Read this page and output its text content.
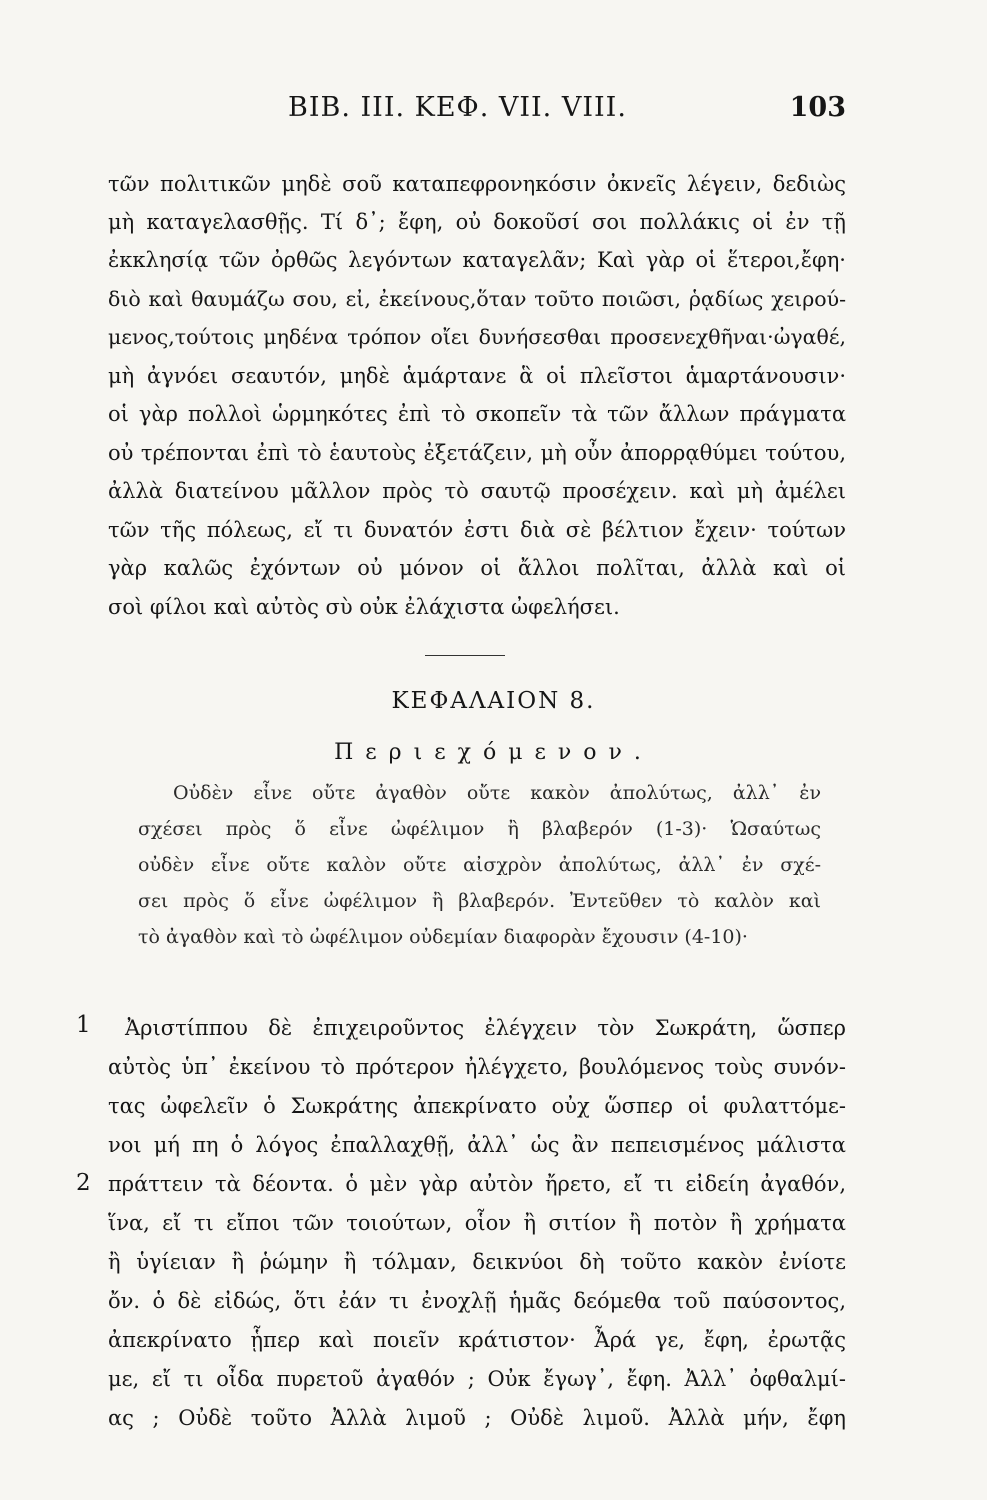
ΒΙΒ. ΙΙΙ. ΚΕΦ. VII. VIII.	103
τῶν πολιτικῶν μηδὲ σοῦ καταπεφρονηκόσιν ὀκνεῖς λέγειν, δεδιὼς
μὴ καταγελασθῇς. Τί δ᾽; ἔφη, οὐ δοκοῦσί σοι πολλάκις οἱ ἐν τῇ
ἐκκλησίᾳ τῶν ὀρθῶς λεγόντων καταγελᾶν; Καὶ γὰρ οἱ ἕτεροι,ἔφη·
διὸ καὶ θαυμάζω σου, εἰ, ἐκείνους,ὅταν τοῦτο ποιῶσι, ῥᾳδίως χειρού-
μενος,τούτοις μηδένα τρόπον οἴει δυνήσεσθαι προσενεχθῆναι·ὠγαθέ,
μὴ ἀγνόει σεαυτόν, μηδὲ ἁμάρτανε ἃ οἱ πλεῖστοι ἁμαρτάνουσιν·
οἱ γὰρ πολλοὶ ὡρμηκότες ἐπὶ τὸ σκοπεῖν τὰ τῶν ἄλλων πράγματα
οὐ τρέπονται ἐπὶ τὸ ἑαυτοὺς ἐξετάζειν, μὴ οὖν ἀπορρᾳθύμει τούτου,
ἀλλὰ διατείνου μᾶλλον πρὸς τὸ σαυτῷ προσέχειν. καὶ μὴ ἀμέλει
τῶν τῆς πόλεως, εἴ τι δυνατόν ἐστι διὰ σὲ βέλτιον ἔχειν· τούτων
γὰρ καλῶς ἐχόντων οὐ μόνον οἱ ἄλλοι πολῖται, ἀλλὰ καὶ οἱ
σοὶ φίλοι καὶ αὐτὸς σὺ οὐκ ἐλάχιστα ὠφελήσει.
ΚΕΦΑΛΑΙΟΝ 8.
Περιεχόμενον.
Οὐδὲν εἶνε οὔτε ἀγαθὸν οὔτε κακὸν ἀπολύτως, ἀλλ᾽ ἐν
σχέσει πρὸς ὅ εἶνε ὠφέλιμον ἢ βλαβερόν (1-3)· Ὡσαύτως
οὐδὲν εἶνε οὔτε καλὸν οὔτε αἰσχρὸν ἀπολύτως, ἀλλ᾽ ἐν σχέ-
σει πρὸς ὅ εἶνε ὠφέλιμον ἢ βλαβερόν. Ἐντεῦθεν τὸ καλὸν καὶ
τὸ ἀγαθὸν καὶ τὸ ὠφέλιμον οὐδεμίαν διαφορὰν ἔχουσιν (4-10)·
1
2
Ἀριστίππου δὲ ἐπιχειροῦντος ἐλέγχειν τὸν Σωκράτη, ὥσπερ
αὐτὸς ὑπ᾽ ἐκείνου τὸ πρότερον ἠλέγχετο, βουλόμενος τοὺς συνόν-
τας ὠφελεῖν ὁ Σωκράτης ἀπεκρίνατο οὐχ ὥσπερ οἱ φυλαττόμε-
νοι μή πη ὁ λόγος ἐπαλλαχθῇ, ἀλλ᾽ ὡς ἂν πεπεισμένος μάλιστα
πράττειν τὰ δέοντα. ὁ μὲν γὰρ αὐτὸν ἤρετο, εἴ τι εἰδείη ἀγαθόν,
ἵνα, εἴ τι εἴποι τῶν τοιούτων, οἷον ἢ σιτίον ἢ ποτὸν ἢ χρήματα
ἢ ὑγίειαν ἢ ῥώμην ἢ τόλμαν, δεικνύοι δὴ τοῦτο κακὸν ἐνίοτε
ὄν. ὁ δὲ εἰδώς, ὅτι ἐάν τι ἐνοχλῇ ἡμᾶς δεόμεθα τοῦ παύσοντος,
ἀπεκρίνατο ᾗπερ καὶ ποιεῖν κράτιστον· Ἆρά γε, ἔφη, ἐρωτᾷς
με, εἴ τι οἶδα πυρετοῦ ἀγαθόν ; Οὐκ ἔγωγ᾽, ἔφη. Ἀλλ᾽ ὀφθαλμί-
ας ; Οὐδὲ τοῦτο Ἀλλὰ λιμοῦ ; Οὐδὲ λιμοῦ. Ἀλλὰ μήν, ἔφη
